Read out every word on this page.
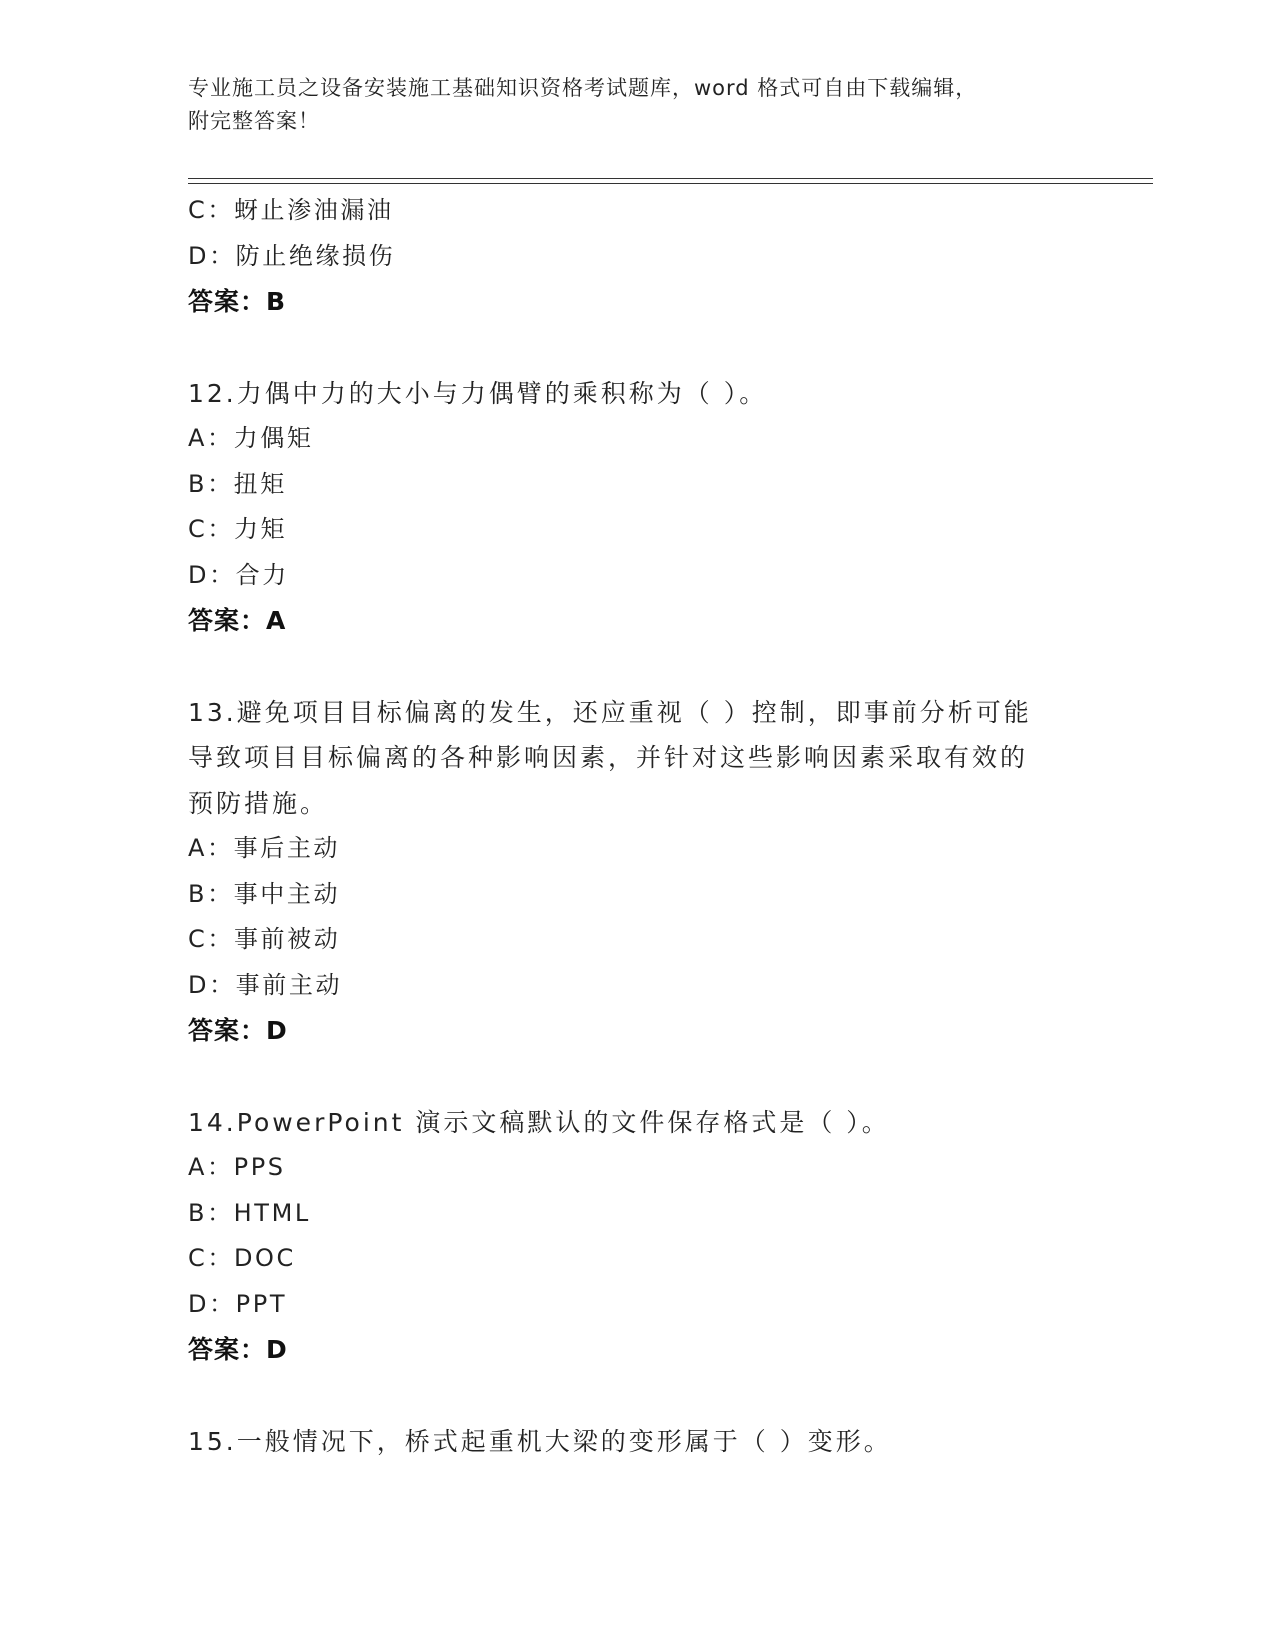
专业施工员之设备安装施工基础知识资格考试题库，word 格式可自由下载编辑，
附完整答案！
C：蚜止渗油漏油
D：防止绝缘损伤
答案：B
12.力偶中力的大小与力偶臂的乘积称为（ ）。
A：力偶矩
B：扭矩
C：力矩
D：合力
答案：A
13.避免项目目标偏离的发生，还应重视（ ）控制，即事前分析可能
导致项目目标偏离的各种影响因素，并针对这些影响因素采取有效的
预防措施。
A：事后主动
B：事中主动
C：事前被动
D：事前主动
答案：D
14.PowerPoint 演示文稿默认的文件保存格式是（ ）。
A：PPS
B：HTML
C：DOC
D：PPT
答案：D
15.一般情况下，桥式起重机大梁的变形属于（ ）变形。
